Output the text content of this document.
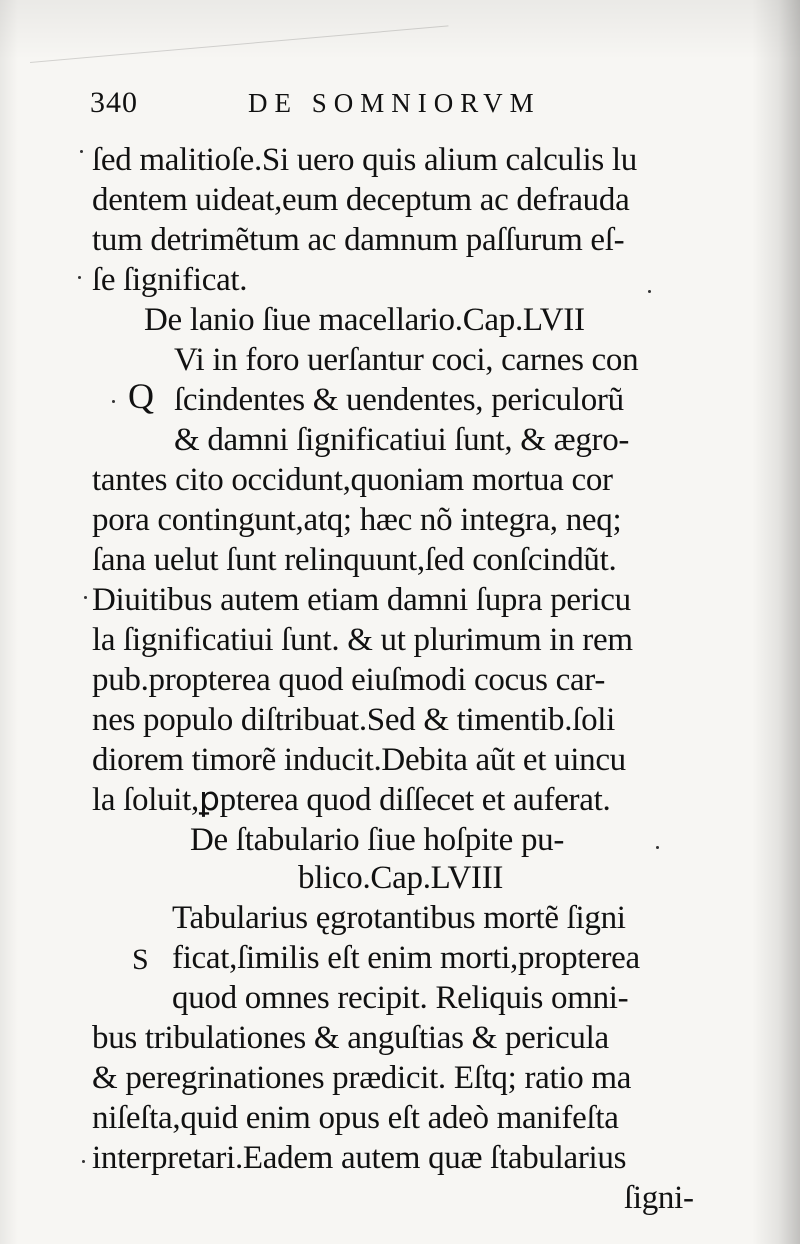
340	DE SOMNIORVM
ſed malitioſe.Si uero quis alium calculis lu
dentem uideat,eum deceptum ac defrauda
tum detrimẽtum ac damnum paſſurum eſ-
ſe ſignificat.
De lanio ſiue macellario.Cap.LVII
Vi in foro uerſantur coci, carnes con
Q ſcindentes & uendentes, periculorũ
& damni ſignificatiui ſunt, & ægro-
tantes cito occidunt,quoniam mortua cor
pora contingunt,atq; hæc nõ integra, neq;
ſana uelut ſunt relinquunt,ſed conſcindũt.
Diuitibus autem etiam damni ſupra pericu
la ſignificatiui ſunt. & ut plurimum in rem
pub.propterea quod eiuſmodi cocus car-
nes populo diſtribuat.Sed & timentib.ſoli
diorem timorẽ inducit.Debita aũt et uincu
la ſoluit,ꝑpterea quod diſſecet et auferat.
De ſtabulario ſiue hoſpite pu-
blico.Cap.LVIII
Tabularius ęgrotantibus mortẽ ſigni
S ficat,ſimilis eſt enim morti,propterea
quod omnes recipit. Reliquis omni-
bus tribulationes & anguſtias & pericula
& peregrinationes prædicit. Eſtq; ratio ma
niſeſta,quid enim opus eſt adeò manifeſta
interpretari.Eadem autem quæ ſtabularius
ſigni-
